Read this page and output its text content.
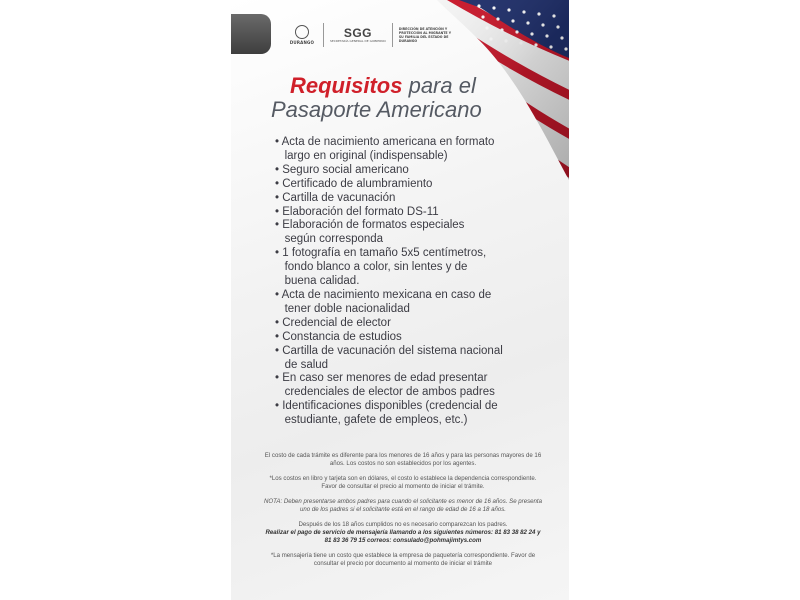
DURANGO
SGG
SECRETARÍA GENERAL DE GOBIERNO
DIRECCIÓN DE ATENCIÓN Y PROTECCIÓN AL MIGRANTE Y SU FAMILIA DEL ESTADO DE DURANGO
Requisitos para el
Pasaporte Americano
• Acta de nacimiento americana en formato
largo en original (indispensable)
• Seguro social americano
• Certificado de alumbramiento
• Cartilla de vacunación
• Elaboración del formato DS-11
• Elaboración de formatos especiales
según corresponda
• 1 fotografía en tamaño 5x5 centímetros,
fondo blanco a color, sin lentes y de
buena calidad.
• Acta de nacimiento mexicana en caso de
tener doble nacionalidad
• Credencial de elector
• Constancia de estudios
• Cartilla de vacunación del sistema nacional
de salud
• En caso ser menores de edad presentar
credenciales de elector de ambos padres
• Identificaciones disponibles (credencial de
estudiante, gafete de empleos, etc.)

El costo de cada trámite es diferente para los menores de 16 años y para las personas mayores de 16 años. Los costos no son establecidos por los agentes.

*Los costos en libro y tarjeta son en dólares, el costo lo establece la dependencia correspondiente. Favor de consultar el precio al momento de iniciar el trámite.

NOTA: Deben presentarse ambos padres para cuando el solicitante es menor de 16 años. Se presenta uno de los padres si el solicitante está en el rango de edad de 16 a 18 años.

Después de los 18 años cumplidos no es necesario comparezcan los padres.
Realizar el pago de servicio de mensajería llamando a los siguientes números: 81 83 38 82 24 y 81 83 36 79 15 correos: consulado@pohmajimtys.com

*La mensajería tiene un costo que establece la empresa de paquetería correspondiente. Favor de consultar el precio por documento al momento de iniciar el trámite
